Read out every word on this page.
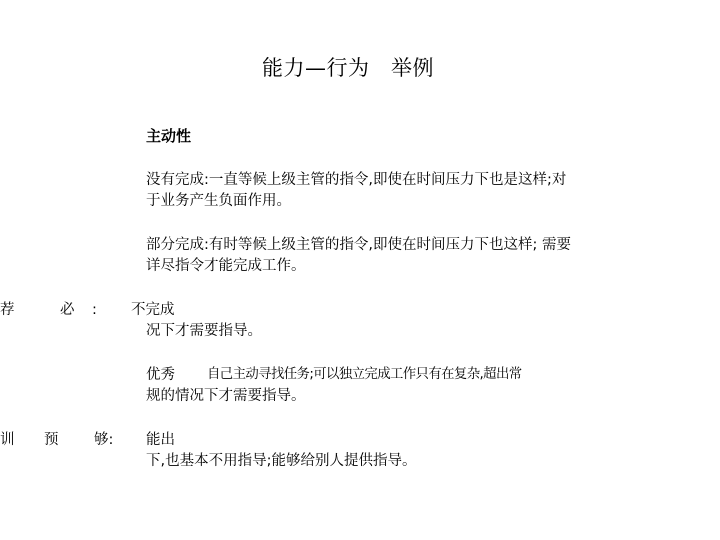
能力—行为   举例
主动性
没有完成:一直等候上级主管的指令,即使在时间压力下也是这样;对
于业务产生负面作用。
部分完成:有时等候上级主管的指令,即使在时间压力下也这样; 需要
详尽指令才能完成工作。
荐	必 : 不完成
况下才需要指导。
优秀 自己主动寻找任务;可以独立完成工作只有在复杂,超出常
规的情况下才需要指导。
训 预 够: 能出
下,也基本不用指导;能够给别人提供指导。
